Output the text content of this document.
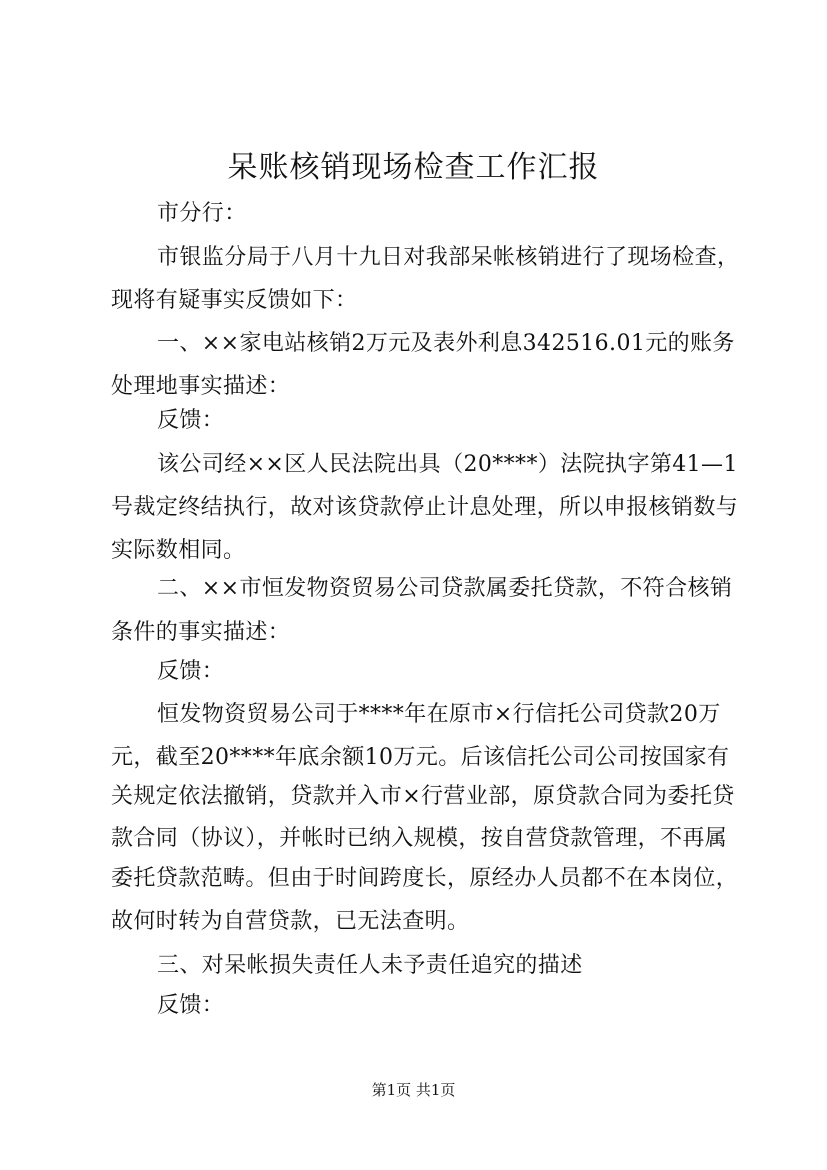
呆账核销现场检查工作汇报
市分行：
市银监分局于八月十九日对我部呆帐核销进行了现场检查，
现将有疑事实反馈如下：
一、××家电站核销2万元及表外利息342516.01元的账务
处理地事实描述：
反馈：
该公司经××区人民法院出具（20****）法院执字第41—1
号裁定终结执行，故对该贷款停止计息处理，所以申报核销数与
实际数相同。
二、××市恒发物资贸易公司贷款属委托贷款，不符合核销
条件的事实描述：
反馈：
恒发物资贸易公司于****年在原市×行信托公司贷款20万
元，截至20****年底余额10万元。后该信托公司公司按国家有
关规定依法撤销，贷款并入市×行营业部，原贷款合同为委托贷
款合同（协议），并帐时已纳入规模，按自营贷款管理，不再属
委托贷款范畴。但由于时间跨度长，原经办人员都不在本岗位，
故何时转为自营贷款，已无法查明。
三、对呆帐损失责任人未予责任追究的描述
反馈：
第1页 共1页
